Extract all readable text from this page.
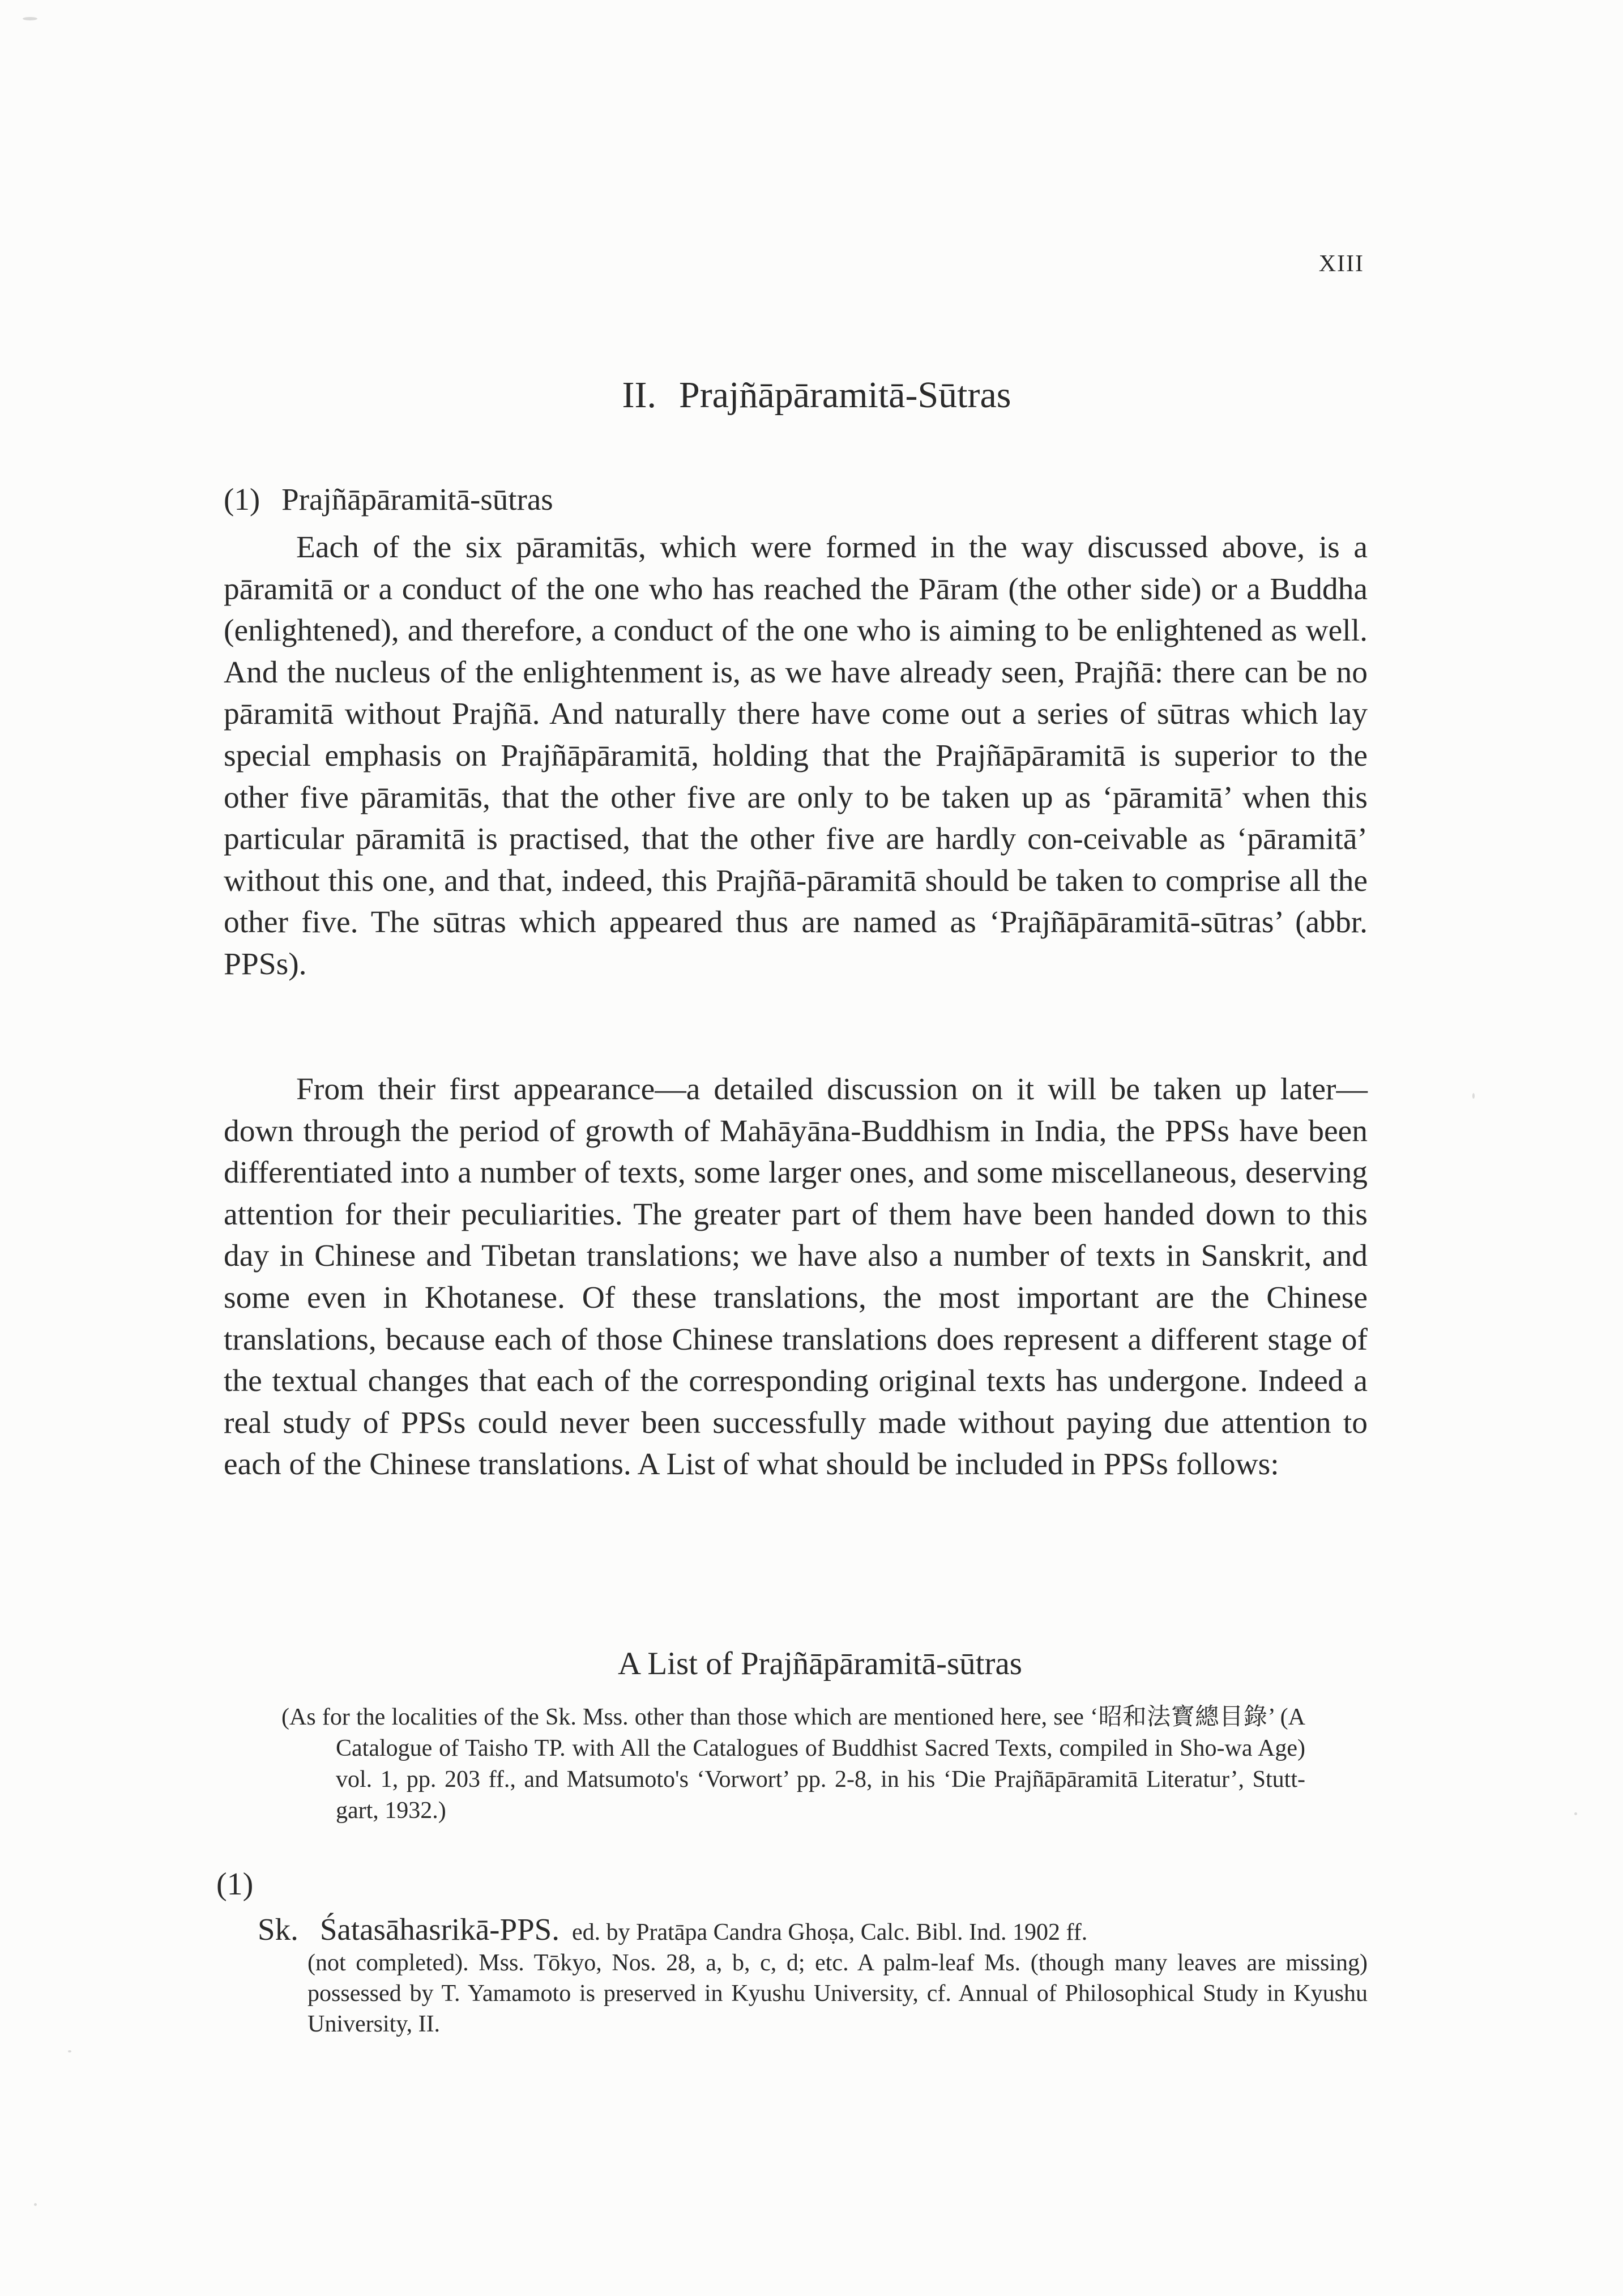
XIII
II. Prajñāpāramitā-Sūtras
(1) Prajñāpāramitā-sūtras

Each of the six pāramitās, which were formed in the way discussed above, is a pāramitā or a conduct of the one who has reached the Pāram (the other side) or a Buddha (enlightened), and therefore, a conduct of the one who is aiming to be enlightened as well. And the nucleus of the enlightenment is, as we have already seen, Prajñā: there can be no pāramitā without Prajñā. And naturally there have come out a series of sūtras which lay special emphasis on Prajñāpāramitā, holding that the Prajñāpāramitā is superior to the other five pāramitās, that the other five are only to be taken up as ‘pāramitā’ when this particular pāramitā is practised, that the other five are hardly con-ceivable as ‘pāramitā’ without this one, and that, indeed, this Prajñā-pāramitā should be taken to comprise all the other five. The sūtras which appeared thus are named as ‘Prajñāpāramitā-sūtras’ (abbr. PPSs).

From their first appearance—a detailed discussion on it will be taken up later—down through the period of growth of Mahāyāna-Buddhism in India, the PPSs have been differentiated into a number of texts, some larger ones, and some miscellaneous, deserving attention for their peculiarities. The greater part of them have been handed down to this day in Chinese and Tibetan translations; we have also a number of texts in Sanskrit, and some even in Khotanese. Of these translations, the most important are the Chinese translations, because each of those Chinese translations does represent a different stage of the textual changes that each of the corresponding original texts has undergone. Indeed a real study of PPSs could never been successfully made without paying due attention to each of the Chinese translations. A List of what should be included in PPSs follows:

A List of Prajñāpāramitā-sūtras
(As for the localities of the Sk. Mss. other than those which are mentioned here, see ‘昭和法寳總目錄’ (A Catalogue of Taisho TP. with All the Catalogues of Buddhist Sacred Texts, compiled in Sho-wa Age) vol. 1, pp. 203 ff., and Matsumoto's ‘Vorwort’ pp. 2-8, in his ‘Die Prajñāpāramitā Literatur’, Stutt-gart, 1932.)
(1)
Sk. Śatasāhasrikā-PPS. ed. by Pratāpa Candra Ghoṣa, Calc. Bibl. Ind. 1902 ff.
(not completed). Mss. Tōkyo, Nos. 28, a, b, c, d; etc. A palm-leaf Ms. (though many leaves are missing) possessed by T. Yamamoto is preserved in Kyushu University, cf. Annual of Philosophical Study in Kyushu University, II.
